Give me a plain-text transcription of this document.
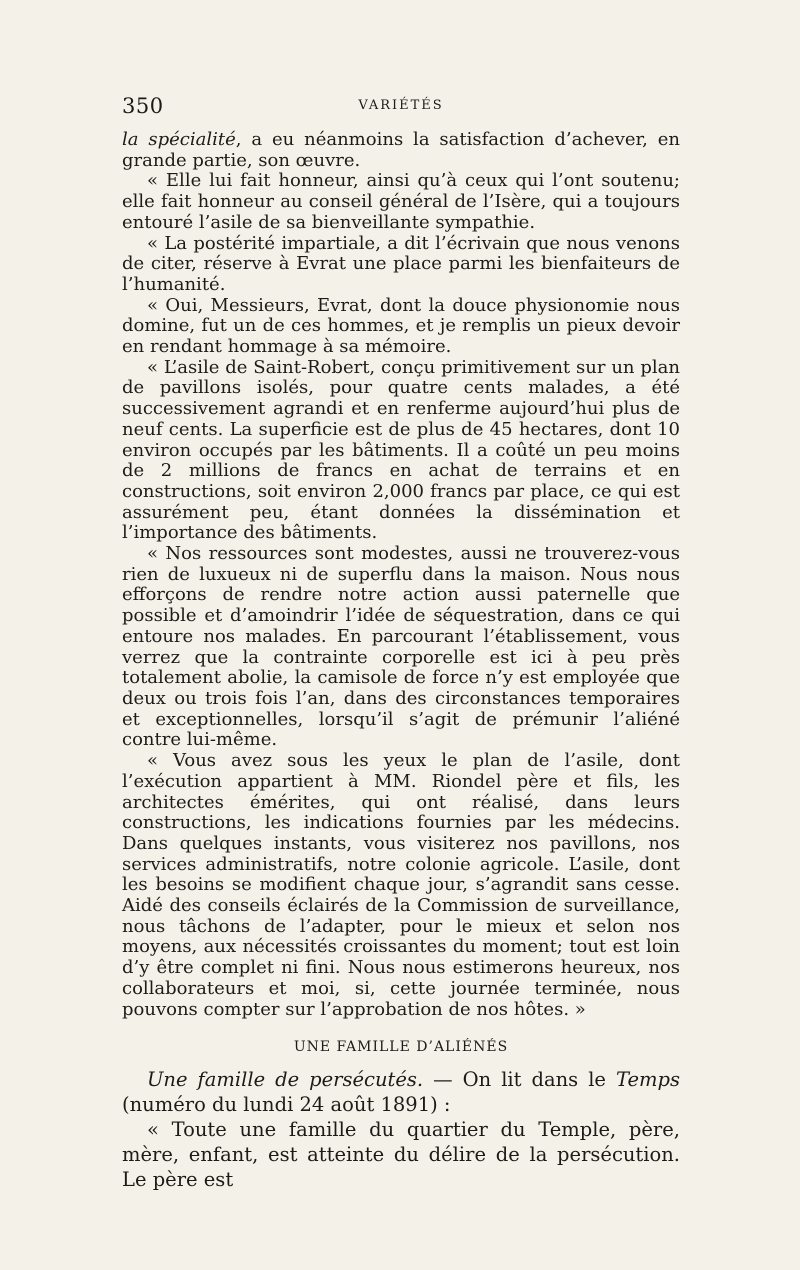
350	VARIÉTÉS

la spécialité, a eu néanmoins la satisfaction d’achever, en grande partie, son œuvre.

« Elle lui fait honneur, ainsi qu’à ceux qui l’ont soutenu; elle fait honneur au conseil général de l’Isère, qui a toujours entouré l’asile de sa bienveillante sympathie.

« La postérité impartiale, a dit l’écrivain que nous venons de citer, réserve à Evrat une place parmi les bienfaiteurs de l’humanité.

« Oui, Messieurs, Evrat, dont la douce physionomie nous domine, fut un de ces hommes, et je remplis un pieux devoir en rendant hommage à sa mémoire.

« L’asile de Saint-Robert, conçu primitivement sur un plan de pavillons isolés, pour quatre cents malades, a été successivement agrandi et en renferme aujourd’hui plus de neuf cents. La superficie est de plus de 45 hectares, dont 10 environ occupés par les bâtiments. Il a coûté un peu moins de 2 millions de francs en achat de terrains et en constructions, soit environ 2,000 francs par place, ce qui est assurément peu, étant données la dissémination et l’importance des bâtiments.

« Nos ressources sont modestes, aussi ne trouverez-vous rien de luxueux ni de superflu dans la maison. Nous nous efforçons de rendre notre action aussi paternelle que possible et d’amoindrir l’idée de séquestration, dans ce qui entoure nos malades. En parcourant l’établissement, vous verrez que la contrainte corporelle est ici à peu près totalement abolie, la camisole de force n’y est employée que deux ou trois fois l’an, dans des circonstances temporaires et exceptionnelles, lorsqu’il s’agit de prémunir l’aliéné contre lui-même.

« Vous avez sous les yeux le plan de l’asile, dont l’exécution appartient à MM. Riondel père et fils, les architectes émérites, qui ont réalisé, dans leurs constructions, les indications fournies par les médecins. Dans quelques instants, vous visiterez nos pavillons, nos services administratifs, notre colonie agricole. L’asile, dont les besoins se modifient chaque jour, s’agrandit sans cesse. Aidé des conseils éclairés de la Commission de surveillance, nous tâchons de l’adapter, pour le mieux et selon nos moyens, aux nécessités croissantes du moment; tout est loin d’y être complet ni fini. Nous nous estimerons heureux, nos collaborateurs et moi, si, cette journée terminée, nous pouvons compter sur l’approbation de nos hôtes. »

UNE FAMILLE D’ALIÉNÉS

Une famille de persécutés. — On lit dans le Temps (numéro du lundi 24 août 1891) :

« Toute une famille du quartier du Temple, père, mère, enfant, est atteinte du délire de la persécution. Le père est
